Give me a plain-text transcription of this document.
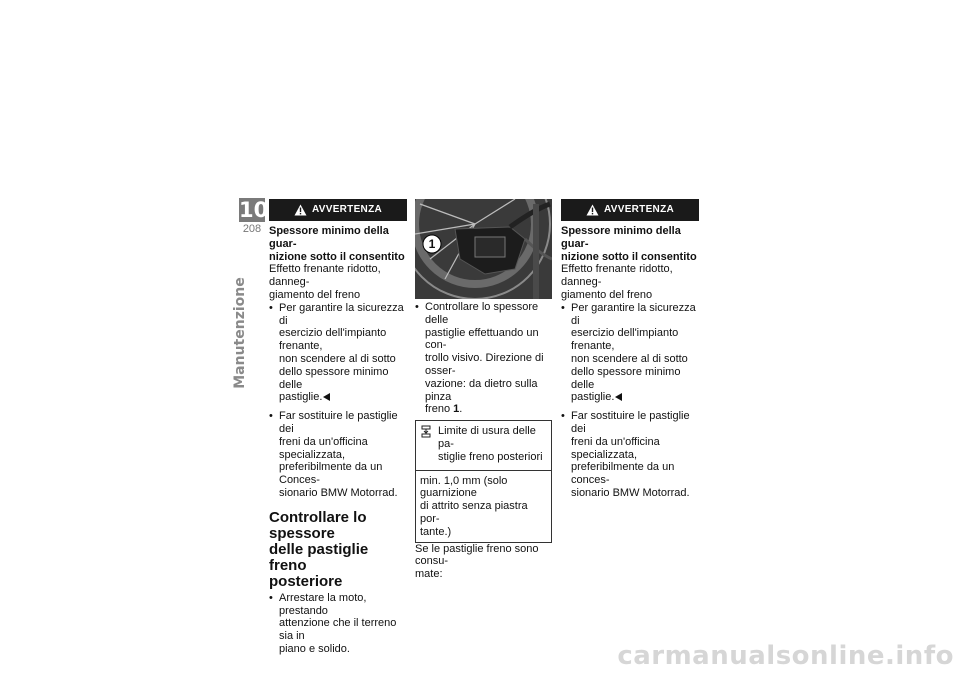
10
208
Manutenzione
AVVERTENZA
Spessore minimo della guar-
nizione sotto il consentito
Effetto frenante ridotto, danneg-
giamento del freno
• Per garantire la sicurezza di
esercizio dell'impianto frenante,
non scendere al di sotto
dello spessore minimo delle
pastiglie.
• Far sostituire le pastiglie dei
freni da un'officina specializzata,
preferibilmente da un Conces-
sionario BMW Motorrad.
Controllare lo spessore
delle pastiglie freno
posteriore
• Arrestare la moto, prestando
attenzione che il terreno sia in
piano e solido.
1
• Controllare lo spessore delle
pastiglie effettuando un con-
trollo visivo. Direzione di osser-
vazione: da dietro sulla pinza
freno 1.
Limite di usura delle pa-
stiglie freno posteriori
min. 1,0 mm (solo guarnizione
di attrito senza piastra por-
tante.)
Se le pastiglie freno sono consu-
mate:
AVVERTENZA
Spessore minimo della guar-
nizione sotto il consentito
Effetto frenante ridotto, danneg-
giamento del freno
• Per garantire la sicurezza di
esercizio dell'impianto frenante,
non scendere al di sotto
dello spessore minimo delle
pastiglie.
• Far sostituire le pastiglie dei
freni da un'officina specializzata,
preferibilmente da un conces-
sionario BMW Motorrad.
carmanualsonline.info
